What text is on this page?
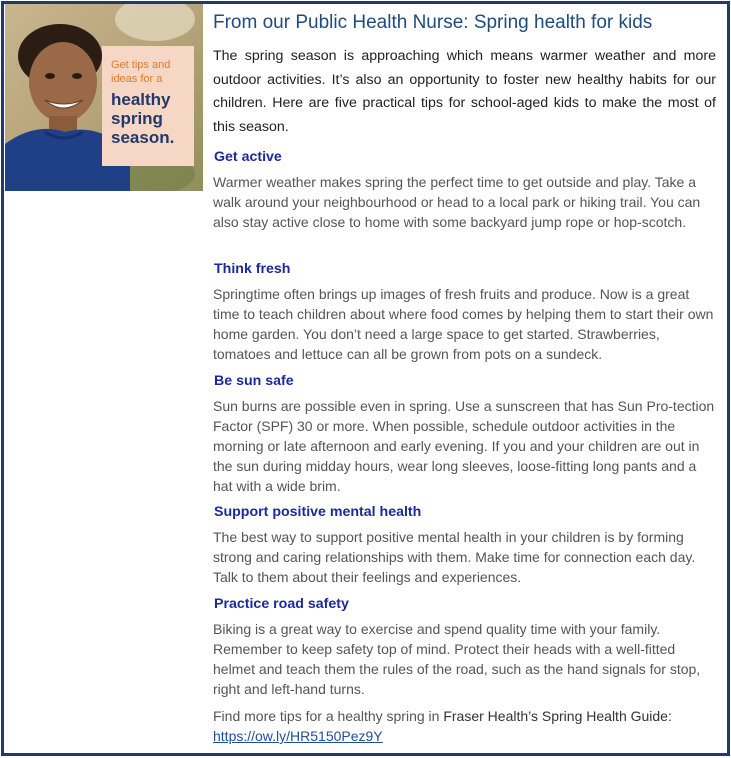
Get tips and ideas for a
healthy spring season.
From our Public Health Nurse: Spring health for kids
The spring season is approaching which means warmer weather and more outdoor activities. It’s also an opportunity to foster new healthy habits for our children. Here are five practical tips for school-aged kids to make the most of this season.
Get active
Warmer weather makes spring the perfect time to get outside and play. Take a walk around your neighbourhood or head to a local park or hiking trail. You can also stay active close to home with some backyard jump rope or hop-scotch.
Think fresh
Springtime often brings up images of fresh fruits and produce. Now is a great time to teach children about where food comes by helping them to start their own home garden. You don’t need a large space to get started. Strawberries, tomatoes and lettuce can all be grown from pots on a sundeck.
Be sun safe
Sun burns are possible even in spring. Use a sunscreen that has Sun Pro-tection Factor (SPF) 30 or more. When possible, schedule outdoor activities in the morning or late afternoon and early evening. If you and your children are out in the sun during midday hours, wear long sleeves, loose-fitting long pants and a hat with a wide brim.
Support positive mental health
The best way to support positive mental health in your children is by forming strong and caring relationships with them. Make time for connection each day. Talk to them about their feelings and experiences.
Practice road safety
Biking is a great way to exercise and spend quality time with your family. Remember to keep safety top of mind. Protect their heads with a well-fitted helmet and teach them the rules of the road, such as the hand signals for stop, right and left-hand turns.
Find more tips for a healthy spring in Fraser Health’s Spring Health Guide:
https://ow.ly/HR5150Pez9Y
